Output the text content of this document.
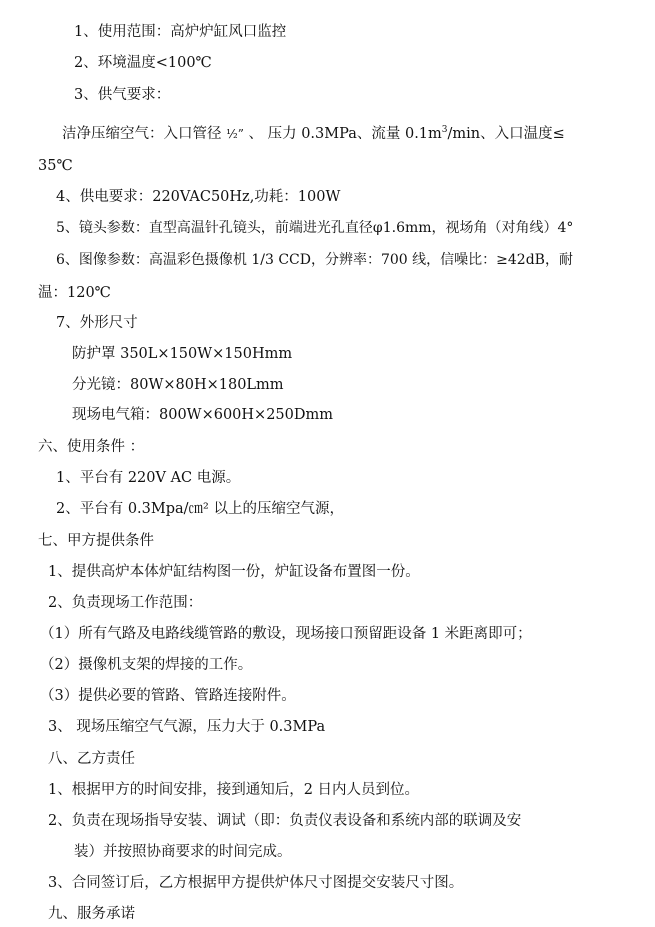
1、使用范围：高炉炉缸风口监控
2、环境温度<100℃
3、供气要求：
洁净压缩空气：入口管径 ½” 、 压力 0.3MPa、流量 $0.1m^3/\min$、入口温度≤
35℃
4、供电要求：220VAC50Hz,功耗：100W
5、镜头参数：直型高温针孔镜头，前端进光孔直径φ1.6mm，视场角（对角线）4°
6、图像参数：高温彩色摄像机 1/3 CCD，分辨率：700 线，信噪比：≥42dB，耐
温：120℃
7、外形尺寸
防护罩 350L×150W×150Hmm
分光镜：80W×80H×180Lmm
现场电气箱：800W×600H×250Dmm
六、使用条件 ：
1、平台有 220V AC 电源。
2、平台有 0.3Mpa/㎝² 以上的压缩空气源，
七、甲方提供条件
1、提供高炉本体炉缸结构图一份，炉缸设备布置图一份。
2、负责现场工作范围：
（1）所有气路及电路线缆管路的敷设，现场接口预留距设备 1 米距离即可；
（2）摄像机支架的焊接的工作。
（3）提供必要的管路、管路连接附件。
3、 现场压缩空气气源，压力大于 0.3MPa
八、乙方责任
1、根据甲方的时间安排，接到通知后，2 日内人员到位。
2、负责在现场指导安装、调试（即：负责仪表设备和系统内部的联调及安
装）并按照协商要求的时间完成。
3、合同签订后，乙方根据甲方提供炉体尺寸图提交安装尺寸图。
九、服务承诺
